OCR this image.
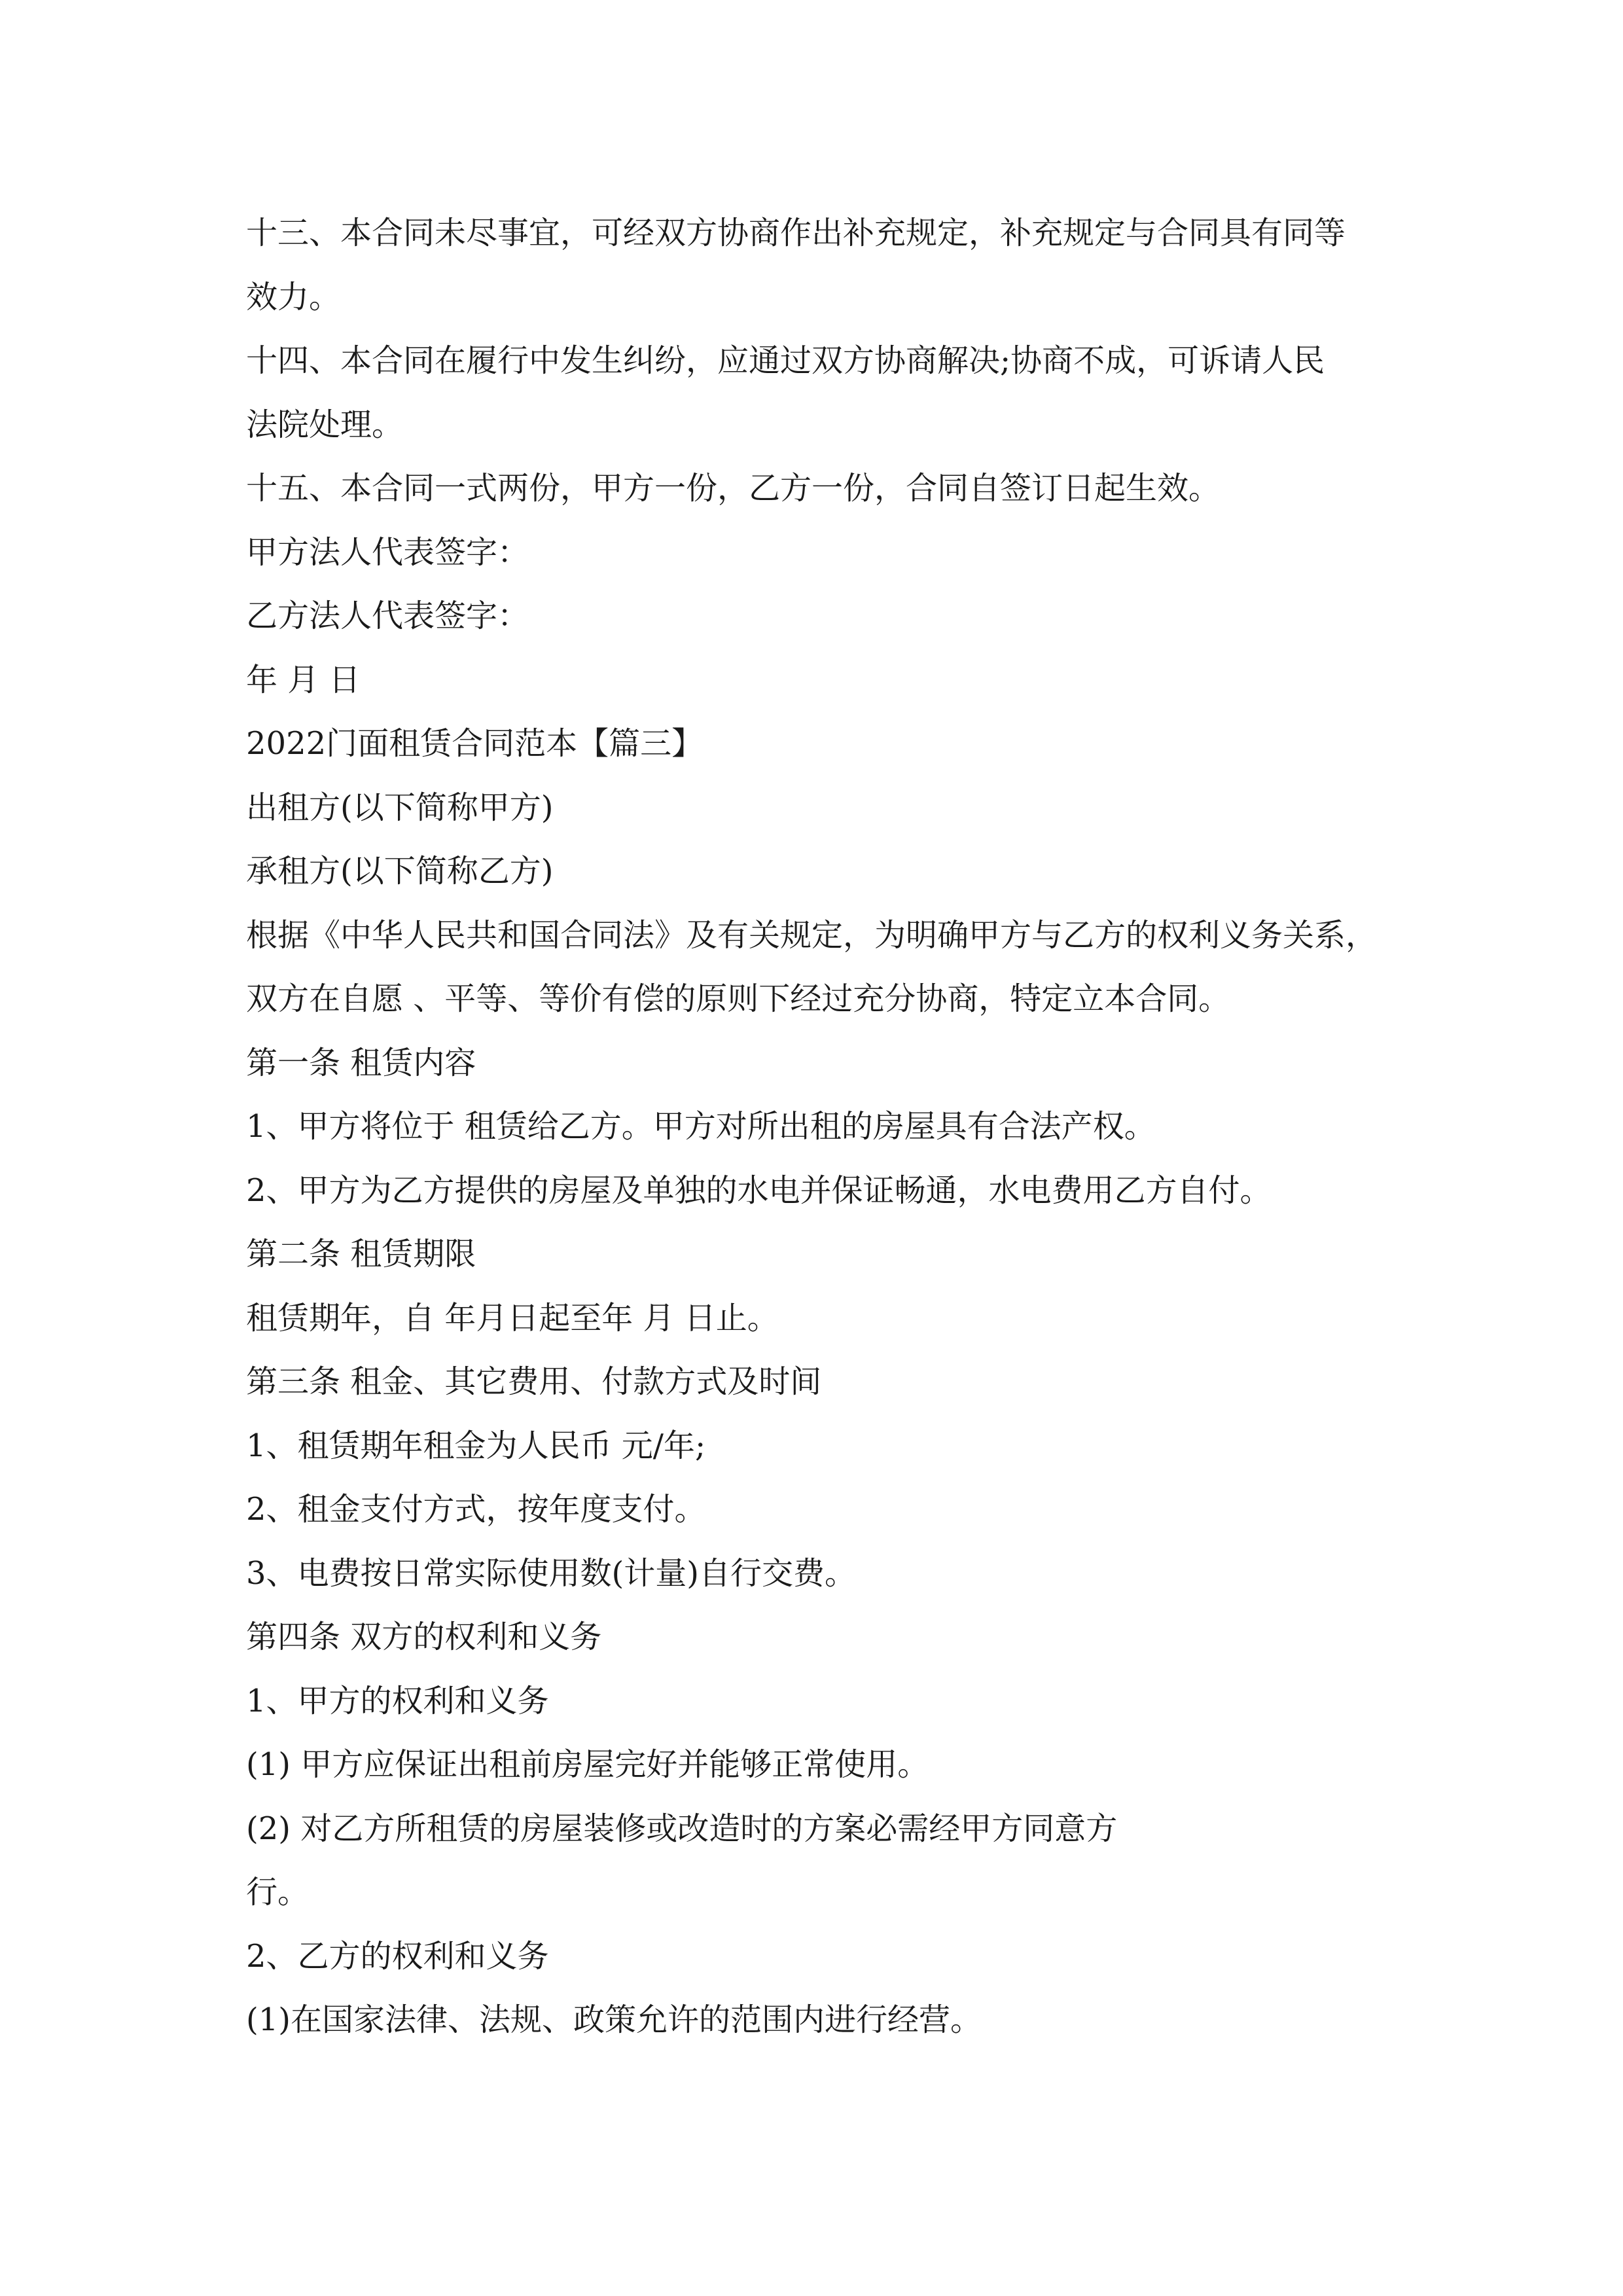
十三、本合同未尽事宜，可经双方协商作出补充规定，补充规定与合同具有同等
效力。
十四、本合同在履行中发生纠纷，应通过双方协商解决;协商不成，可诉请人民
法院处理。
十五、本合同一式两份，甲方一份，乙方一份，合同自签订日起生效。
甲方法人代表签字：
乙方法人代表签字：
年 月 日
2022门面租赁合同范本【篇三】
出租方(以下简称甲方)
承租方(以下简称乙方)
根据《中华人民共和国合同法》及有关规定，为明确甲方与乙方的权利义务关系，
双方在自愿 、平等、等价有偿的原则下经过充分协商，特定立本合同。
第一条 租赁内容
1、甲方将位于 租赁给乙方。甲方对所出租的房屋具有合法产权。
2、甲方为乙方提供的房屋及单独的水电并保证畅通，水电费用乙方自付。
第二条 租赁期限
租赁期年，自 年月日起至年 月 日止。
第三条 租金、其它费用、付款方式及时间
1、租赁期年租金为人民币 元/年;
2、租金支付方式，按年度支付。
3、电费按日常实际使用数(计量)自行交费。
第四条 双方的权利和义务
1、甲方的权利和义务
(1) 甲方应保证出租前房屋完好并能够正常使用。
(2) 对乙方所租赁的房屋装修或改造时的方案必需经甲方同意方
行。
2、乙方的权利和义务
(1)在国家法律、法规、政策允许的范围内进行经营。
